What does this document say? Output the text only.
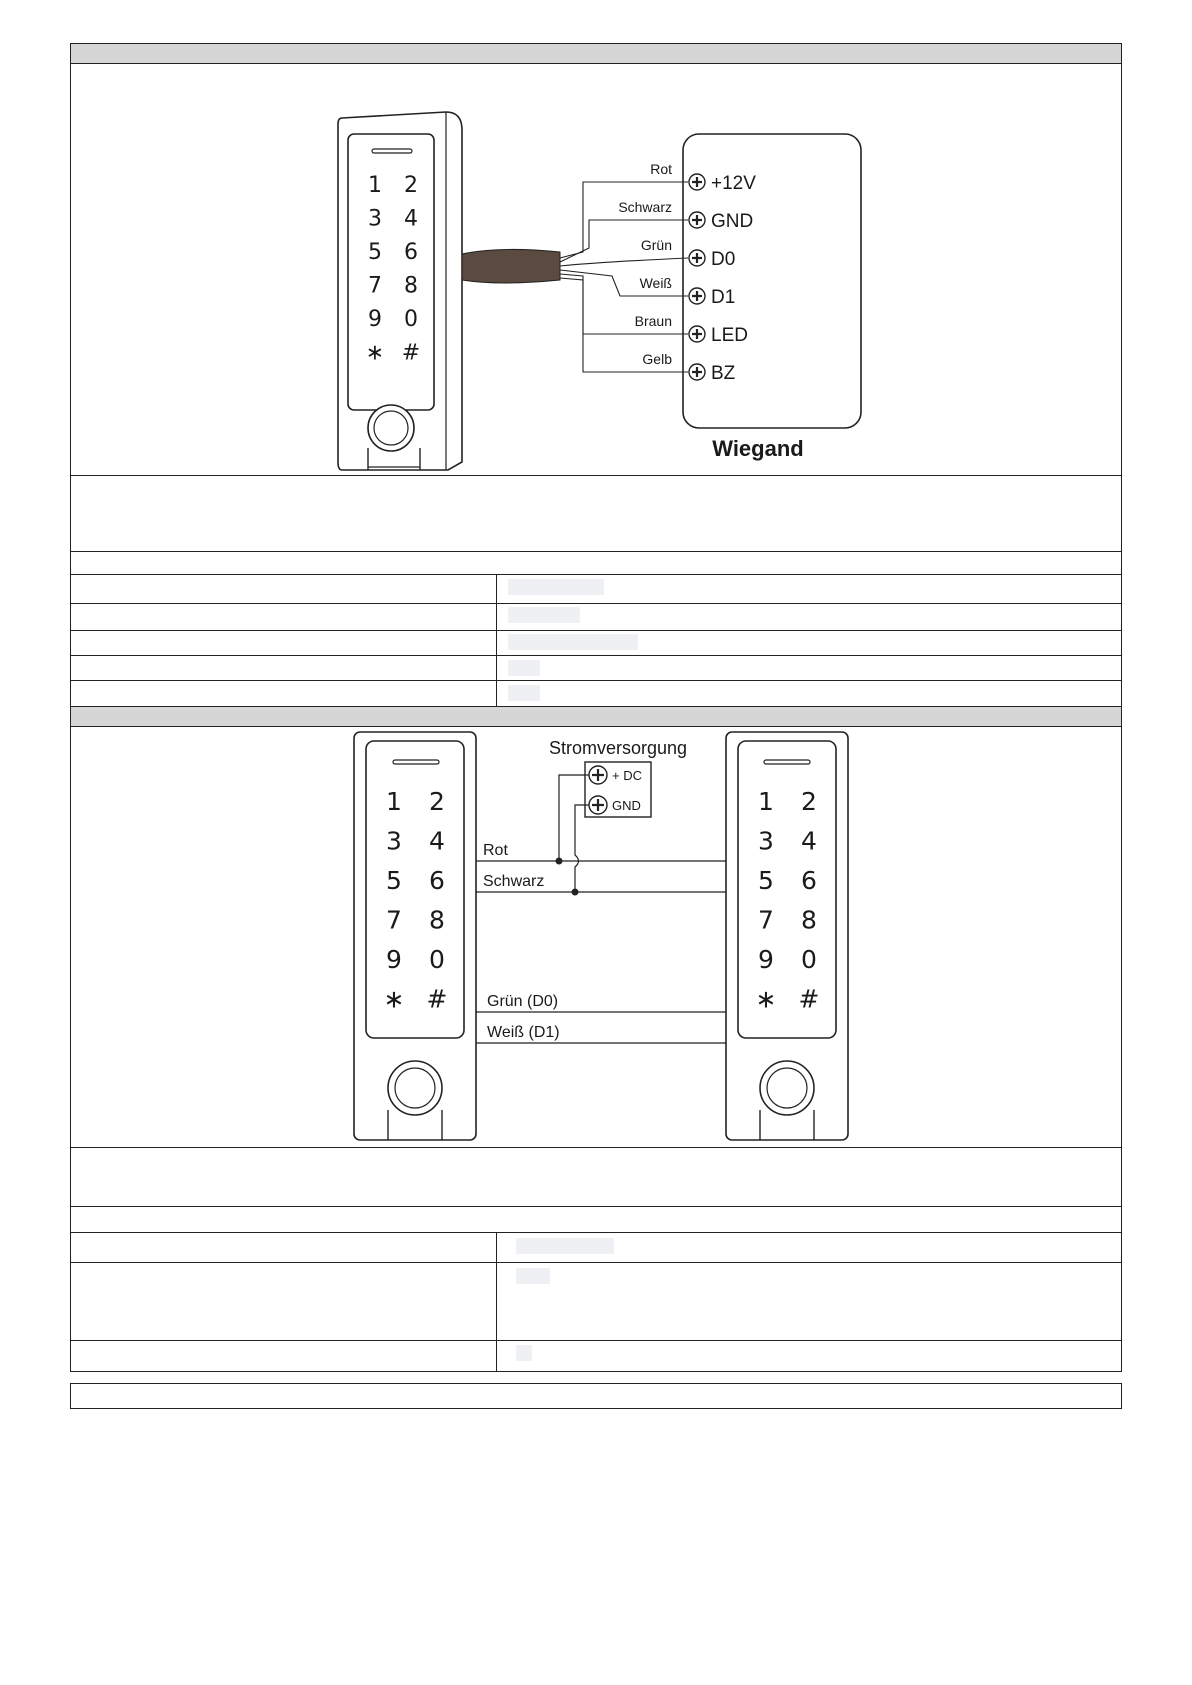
1 2
3 4
5 6
7 8
9 0
∗ #
Wiegand
Rot
+12V
Schwarz
GND
Grün
D0
Weiß
D1
Braun
LED
Gelb
BZ
1 2
3 4
5 6
7 8
9 0
∗ #
1 2
3 4
5 6
7 8
9 0
∗ #
Stromversorgung
+ DC
GND
Rot
Schwarz
Grün (D0)
Weiß (D1)
